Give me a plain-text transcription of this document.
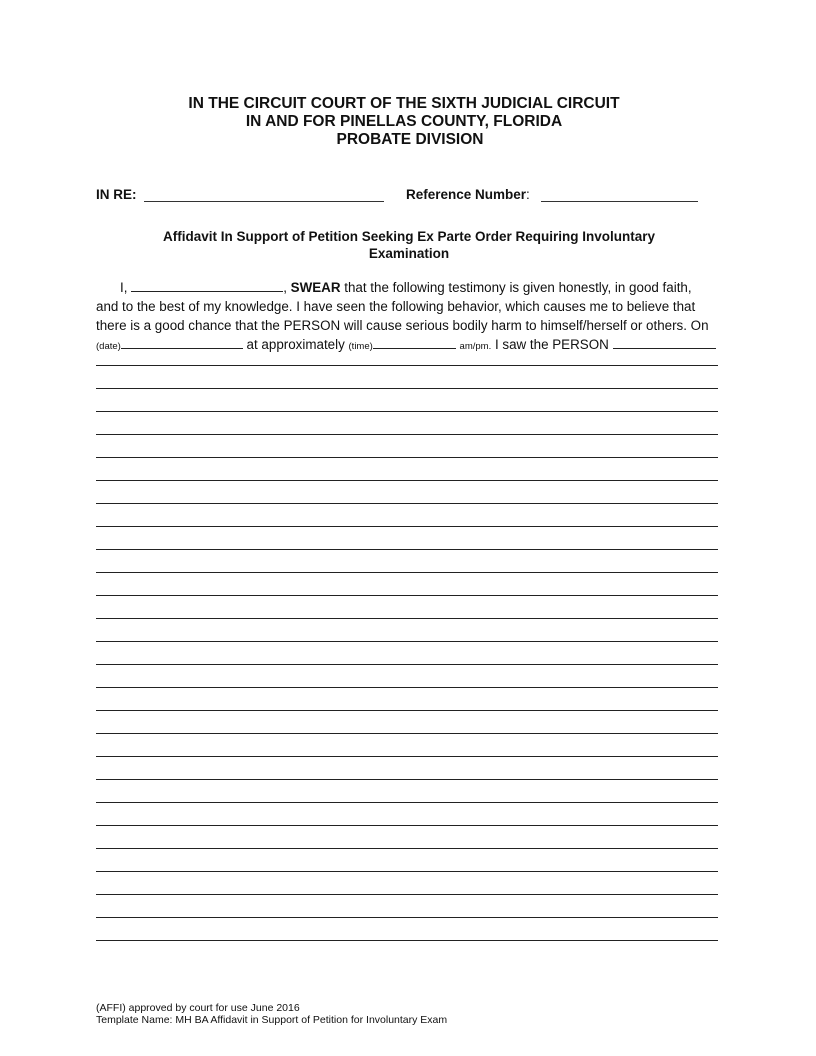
IN THE CIRCUIT COURT OF THE SIXTH JUDICIAL CIRCUIT
IN AND FOR PINELLAS COUNTY, FLORIDA
PROBATE DIVISION
IN RE:	Reference Number:
Affidavit In Support of Petition Seeking Ex Parte Order Requiring Involuntary
Examination
I,	, SWEAR that the following testimony is given honestly, in good faith,
and to the best of my knowledge. I have seen the following behavior, which causes me to believe that
there is a good chance that the PERSON will cause serious bodily harm to himself/herself or others. On
(date)	at approximately (time)	am/pm. I saw the PERSON
(AFFI) approved by court for use June 2016
Template Name: MH BA Affidavit in Support of Petition for Involuntary Exam
